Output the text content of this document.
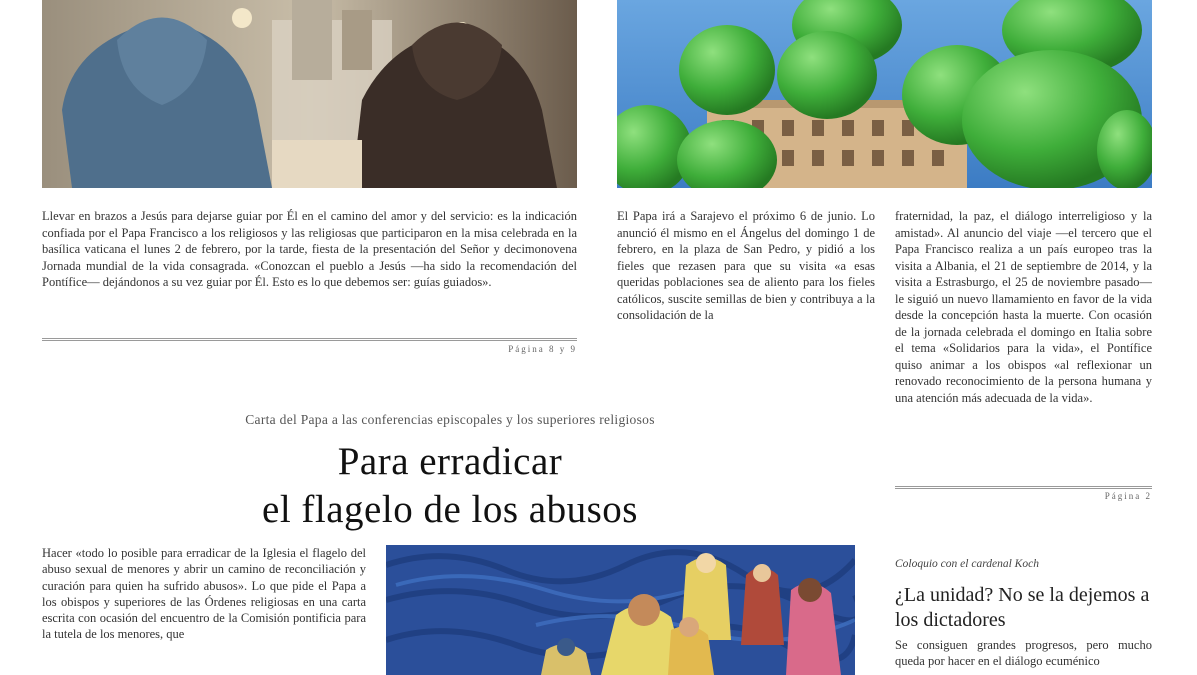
Llevar en brazos a Jesús para dejarse guiar por Él en el camino del amor y del servicio: es la indicación confiada por el Papa Francisco a los religiosos y las religiosas que participaron en la misa celebrada en la basílica vaticana el lunes 2 de febrero, por la tarde, fiesta de la presentación del Señor y decimonovena Jornada mundial de la vida consagrada. «Conozcan el pueblo a Jesús —ha sido la recomendación del Pontífice— dejándonos a su vez guiar por Él. Esto es lo que debemos ser: guías guiados».
Página 8 y 9
El Papa irá a Sarajevo el próximo 6 de junio. Lo anunció él mismo en el Ángelus del domingo 1 de febrero, en la plaza de San Pedro, y pidió a los fieles que rezasen para que su visita «a esas queridas poblaciones sea de aliento para los fieles católicos, suscite semillas de bien y contribuya a la consolidación de la
fraternidad, la paz, el diálogo interreligioso y la amistad». Al anuncio del viaje —el tercero que el Papa Francisco realiza a un país europeo tras la visita a Albania, el 21 de septiembre de 2014, y la visita a Estrasburgo, el 25 de noviembre pasado— le siguió un nuevo llamamiento en favor de la vida desde la concepción hasta la muerte. Con ocasión de la jornada celebrada el domingo en Italia sobre el tema «Solidarios para la vida», el Pontífice quiso animar a los obispos «al reflexionar un renovado reconocimiento de la persona humana y una atención más adecuada de la vida».
Página 2
Carta del Papa a las conferencias episcopales y los superiores religiosos
Para erradicar
el flagelo de los abusos
Hacer «todo lo posible para erradicar de la Iglesia el flagelo del abuso sexual de menores y abrir un camino de reconciliación y curación para quien ha sufrido abusos». Lo que pide el Papa a los obispos y superiores de las Órdenes religiosas en una carta escrita con ocasión del encuentro de la Comisión pontificia para la tutela de los menores, que
Coloquio con el cardenal Koch
¿La unidad? No se la dejemos a los dictadores
Se consiguen grandes progresos, pero mucho queda por hacer en el diálogo ecuménico
